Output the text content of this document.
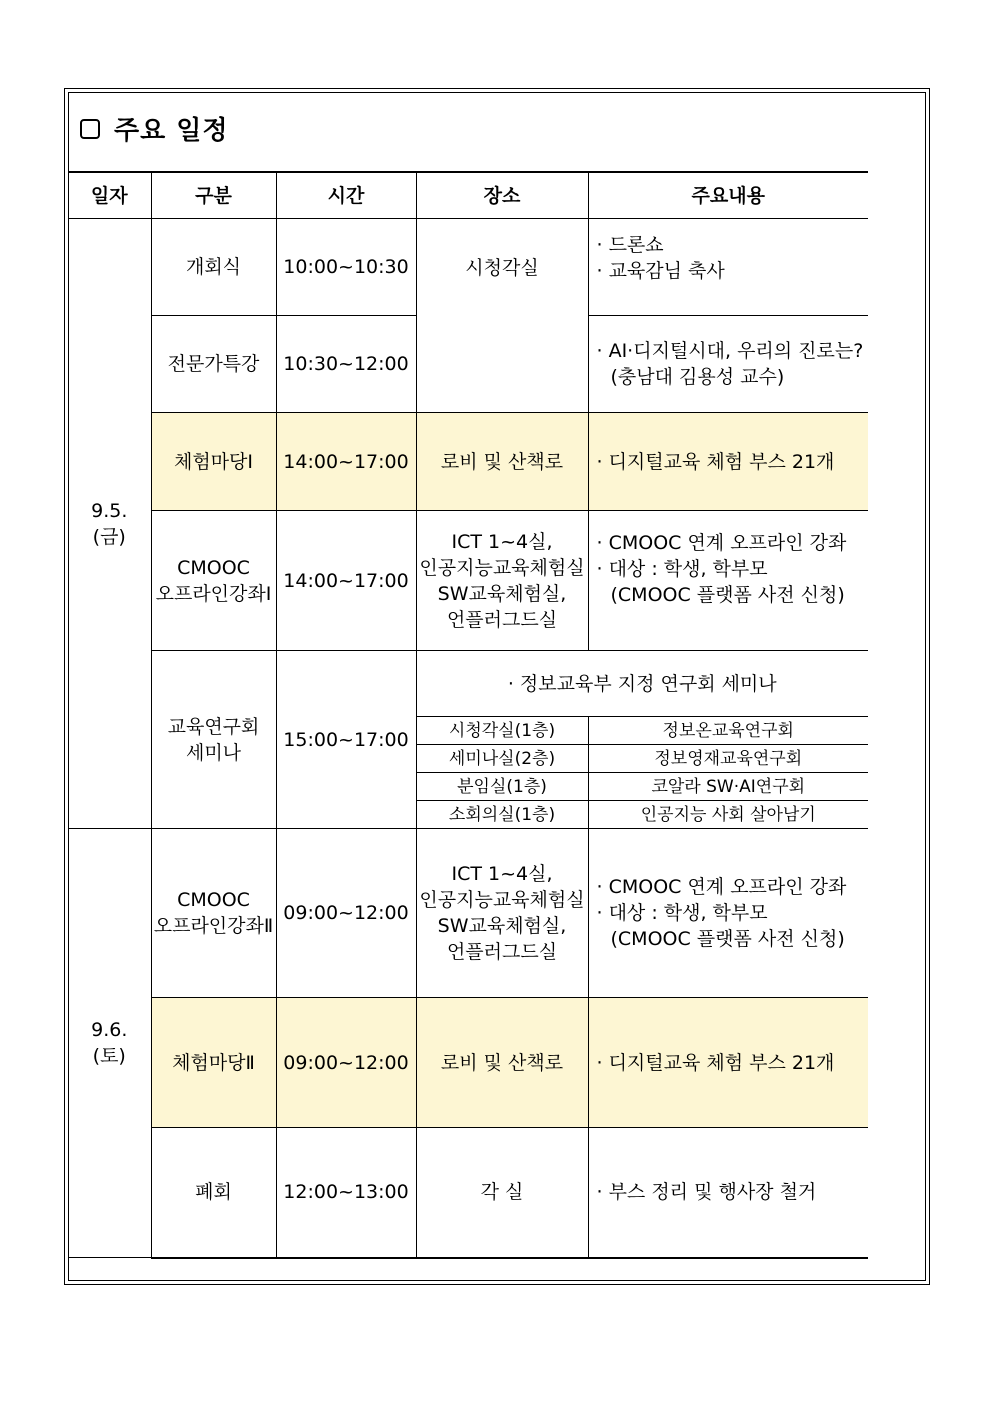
주요 일정
일자	구분	시간	장소	주요내용

9.5.
(금)	개회식	10:00~10:30	시청각실	· 드론쇼
· 교육감님 축사

	전문가특강	10:30~12:00		· AI·디지털시대, 우리의 진로는?
(충남대 김용성 교수)

	체험마당Ⅰ	14:00~17:00	로비 및 산책로	· 디지털교육 체험 부스 21개

	CMOOC
오프라인강좌Ⅰ	14:00~17:00	ICT 1~4실,
인공지능교육체험실
SW교육체험실,
언플러그드실	· CMOOC 연계 오프라인 강좌
· 대상 : 학생, 학부모
(CMOOC 플랫폼 사전 신청)

	교육연구회
세미나	15:00~17:00	· 정보교육부 지정 연구회 세미나	
			시청각실(1층)	정보온교육연구회
			세미나실(2층)	정보영재교육연구회
			분임실(1층)	코알라 SW·AI연구회
			소회의실(1층)	인공지능 사회 살아남기

9.6.
(토)	CMOOC
오프라인강좌Ⅱ	09:00~12:00	ICT 1~4실,
인공지능교육체험실
SW교육체험실,
언플러그드실	· CMOOC 연계 오프라인 강좌
· 대상 : 학생, 학부모
(CMOOC 플랫폼 사전 신청)

	체험마당Ⅱ	09:00~12:00	로비 및 산책로	· 디지털교육 체험 부스 21개
	폐회	12:00~13:00	각 실	· 부스 정리 및 행사장 철거
